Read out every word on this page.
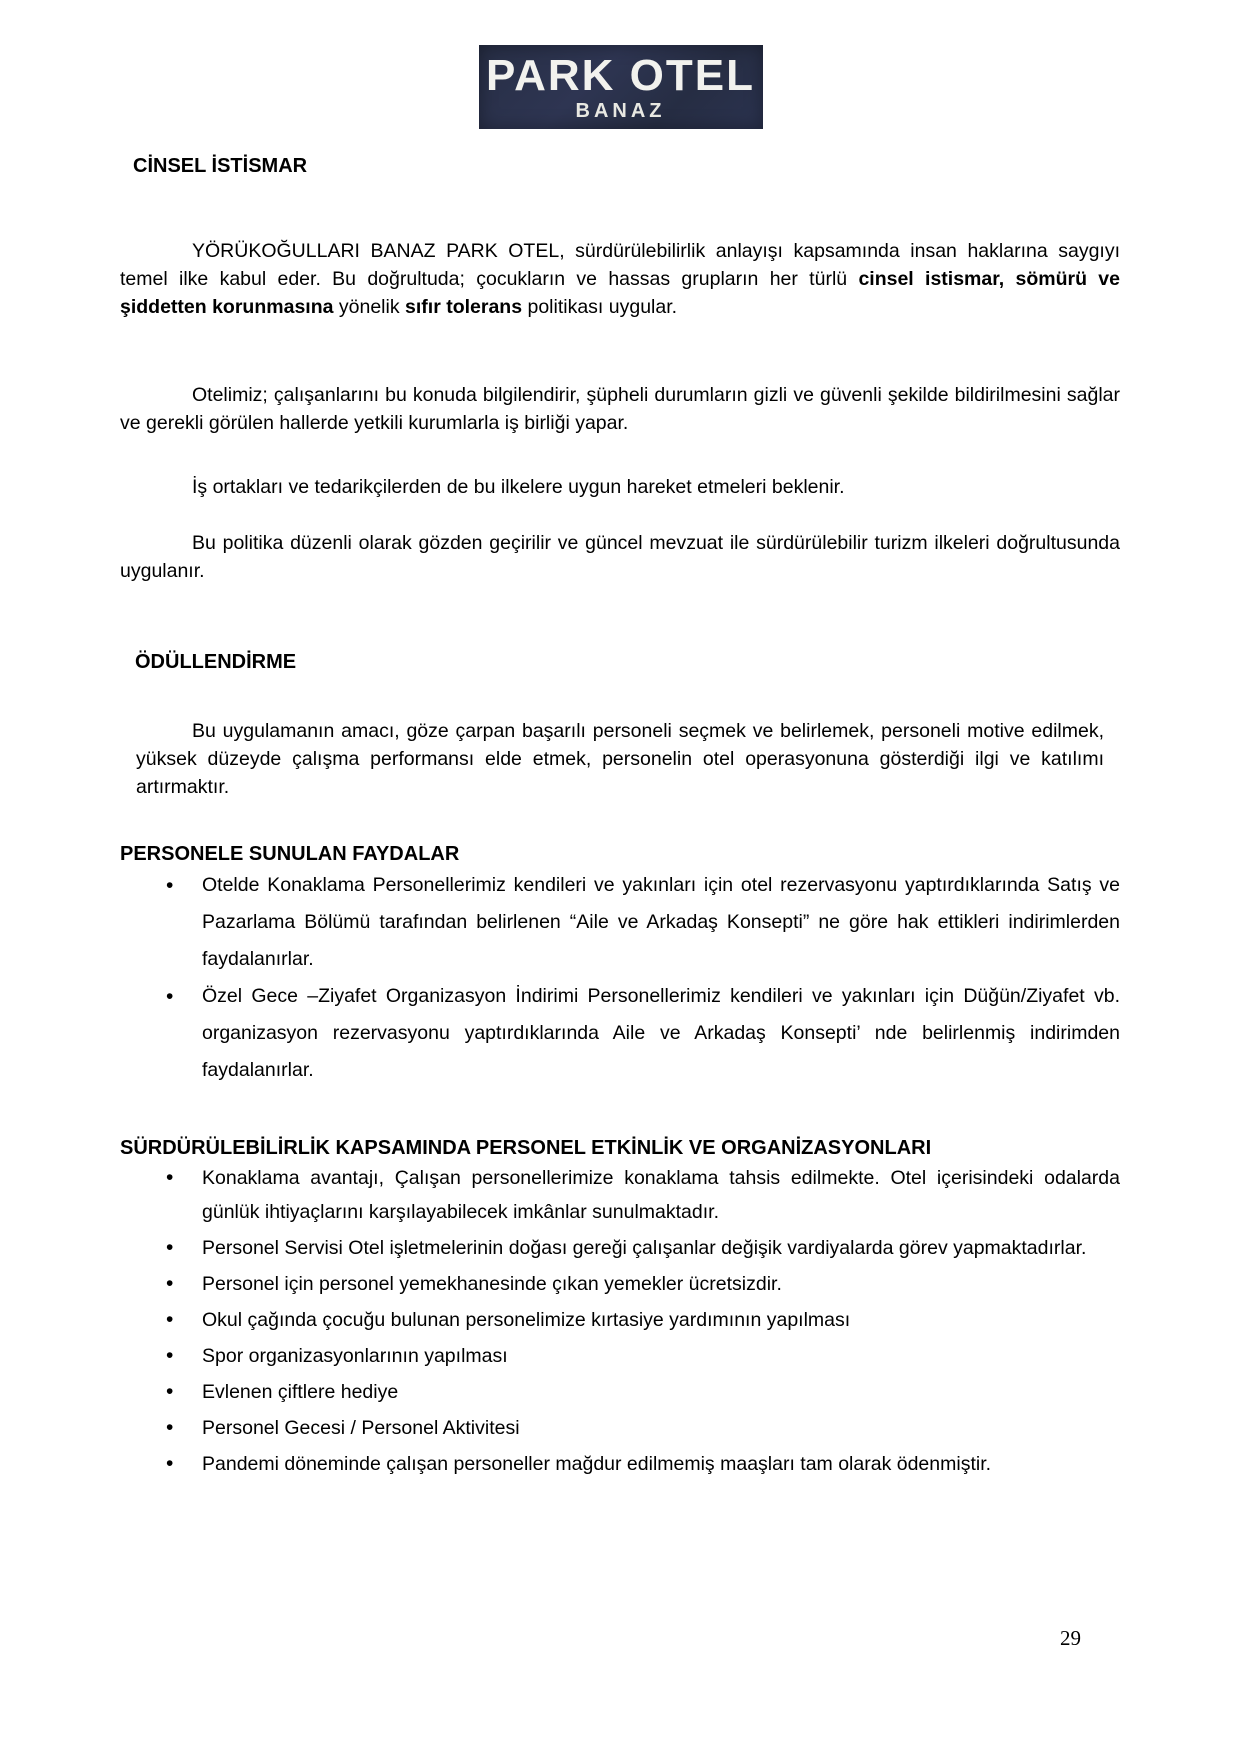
PARK OTEL
BANAZ
CİNSEL İSTİSMAR

YÖRÜKOĞULLARI BANAZ PARK OTEL, sürdürülebilirlik anlayışı kapsamında insan haklarına saygıyı temel ilke kabul eder. Bu doğrultuda; çocukların ve hassas grupların her türlü cinsel istismar, sömürü ve şiddetten korunmasına yönelik sıfır tolerans politikası uygular.

Otelimiz; çalışanlarını bu konuda bilgilendirir, şüpheli durumların gizli ve güvenli şekilde bildirilmesini sağlar ve gerekli görülen hallerde yetkili kurumlarla iş birliği yapar.

İş ortakları ve tedarikçilerden de bu ilkelere uygun hareket etmeleri beklenir.

Bu politika düzenli olarak gözden geçirilir ve güncel mevzuat ile sürdürülebilir turizm ilkeleri doğrultusunda uygulanır.

ÖDÜLLENDİRME

Bu uygulamanın amacı, göze çarpan başarılı personeli seçmek ve belirlemek, personeli motive edilmek, yüksek düzeyde çalışma performansı elde etmek, personelin otel operasyonuna gösterdiği ilgi ve katılımı artırmaktır.

PERSONELE SUNULAN FAYDALAR
• Otelde Konaklama Personellerimiz kendileri ve yakınları için otel rezervasyonu yaptırdıklarında Satış ve Pazarlama Bölümü tarafından belirlenen “Aile ve Arkadaş Konsepti” ne göre hak ettikleri indirimlerden faydalanırlar.
• Özel Gece –Ziyafet Organizasyon İndirimi Personellerimiz kendileri ve yakınları için Düğün/Ziyafet vb. organizasyon rezervasyonu yaptırdıklarında Aile ve Arkadaş Konsepti’ nde belirlenmiş indirimden faydalanırlar.
SÜRDÜRÜLEBİLİRLİK KAPSAMINDA PERSONEL ETKİNLİK VE ORGANİZASYONLARI
• Konaklama avantajı, Çalışan personellerimize konaklama tahsis edilmekte. Otel içerisindeki odalarda günlük ihtiyaçlarını karşılayabilecek imkânlar sunulmaktadır.
• Personel Servisi Otel işletmelerinin doğası gereği çalışanlar değişik vardiyalarda görev yapmaktadırlar.
• Personel için personel yemekhanesinde çıkan yemekler ücretsizdir.
• Okul çağında çocuğu bulunan personelimize kırtasiye yardımının yapılması
• Spor organizasyonlarının yapılması
• Evlenen çiftlere hediye
• Personel Gecesi / Personel Aktivitesi
• Pandemi döneminde çalışan personeller mağdur edilmemiş maaşları tam olarak ödenmiştir.
29
